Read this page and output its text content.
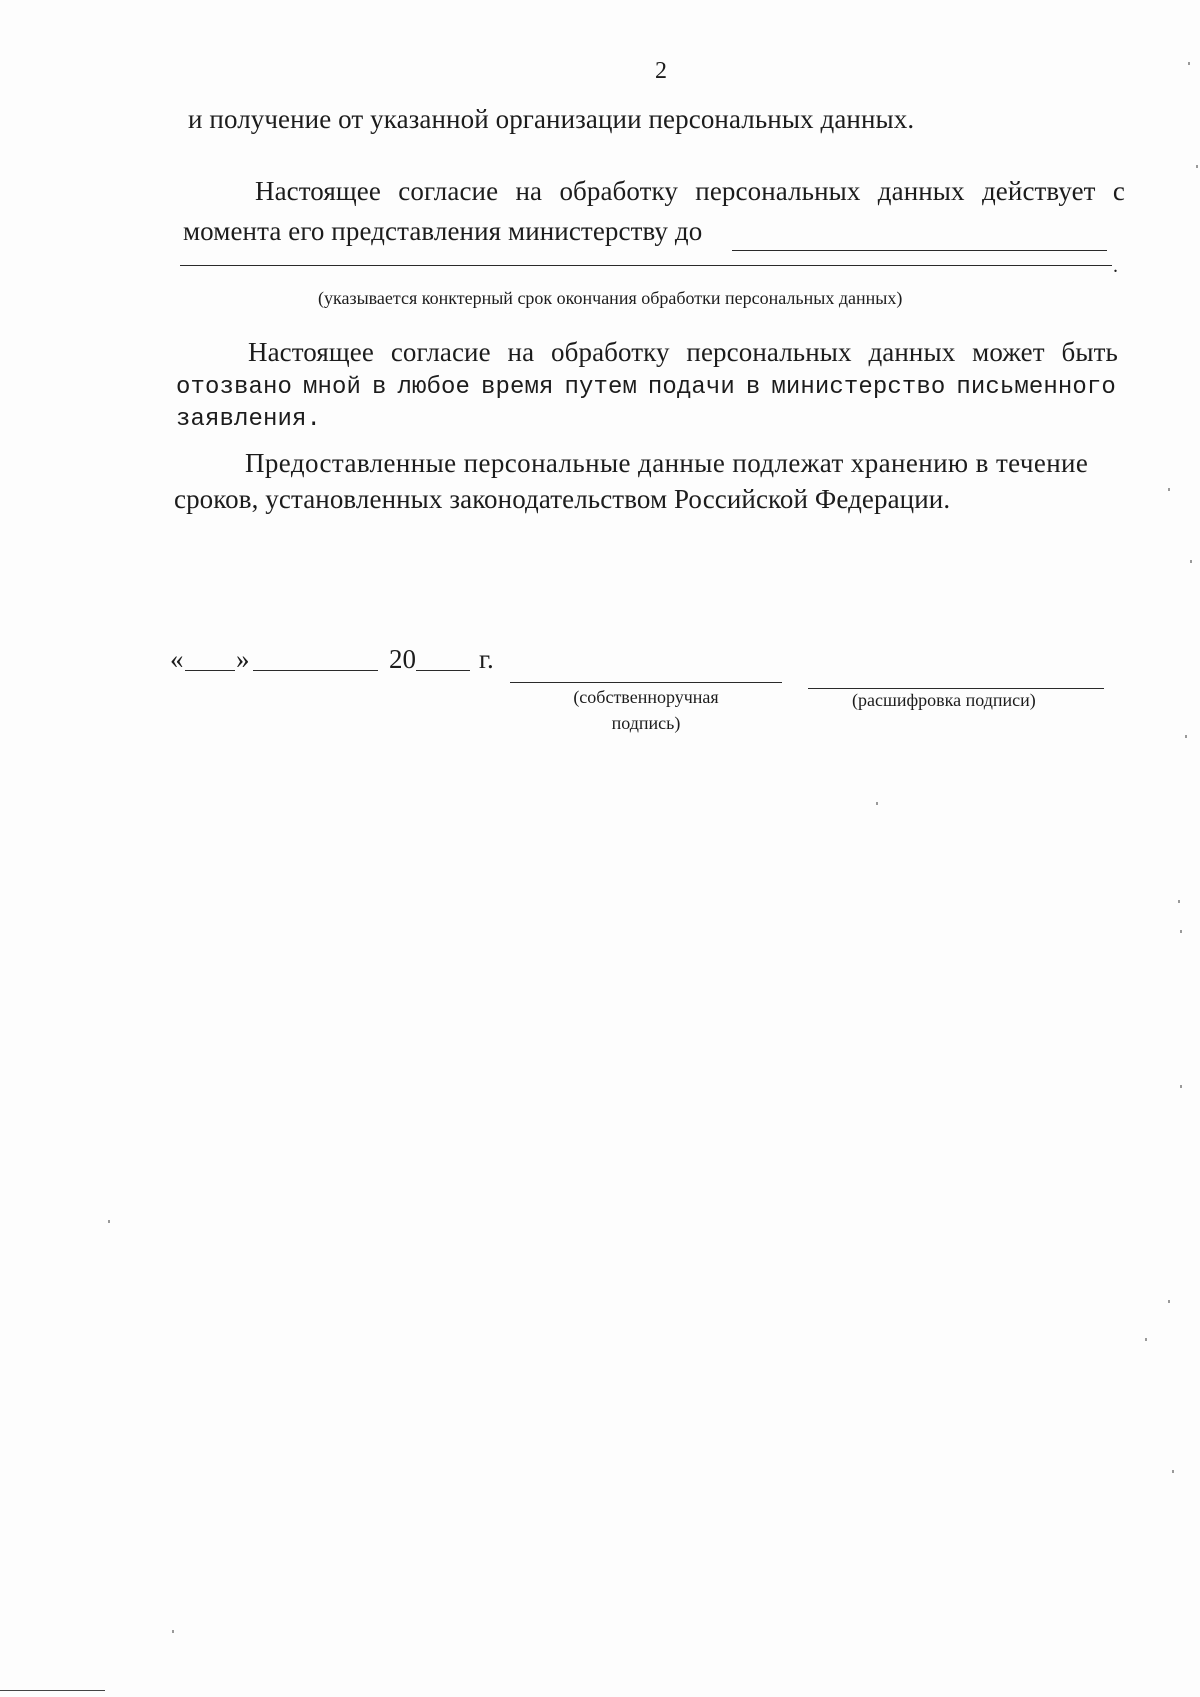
2
и получение от указанной организации персональных данных.
Настоящее согласие на обработку персональных данных действует с
момента его представления министерству до
.
(указывается конктерный срок окончания обработки персональных данных)
Настоящее согласие на обработку персональных данных может быть
отозвано мной в любое время путем подачи в министерство письменного
заявления.
Предоставленные персональные данные подлежат хранению в течение
сроков, установленных законодательством Российской Федерации.
« »	20 г.
(собственноручная
подпись)
(расшифровка подписи)
